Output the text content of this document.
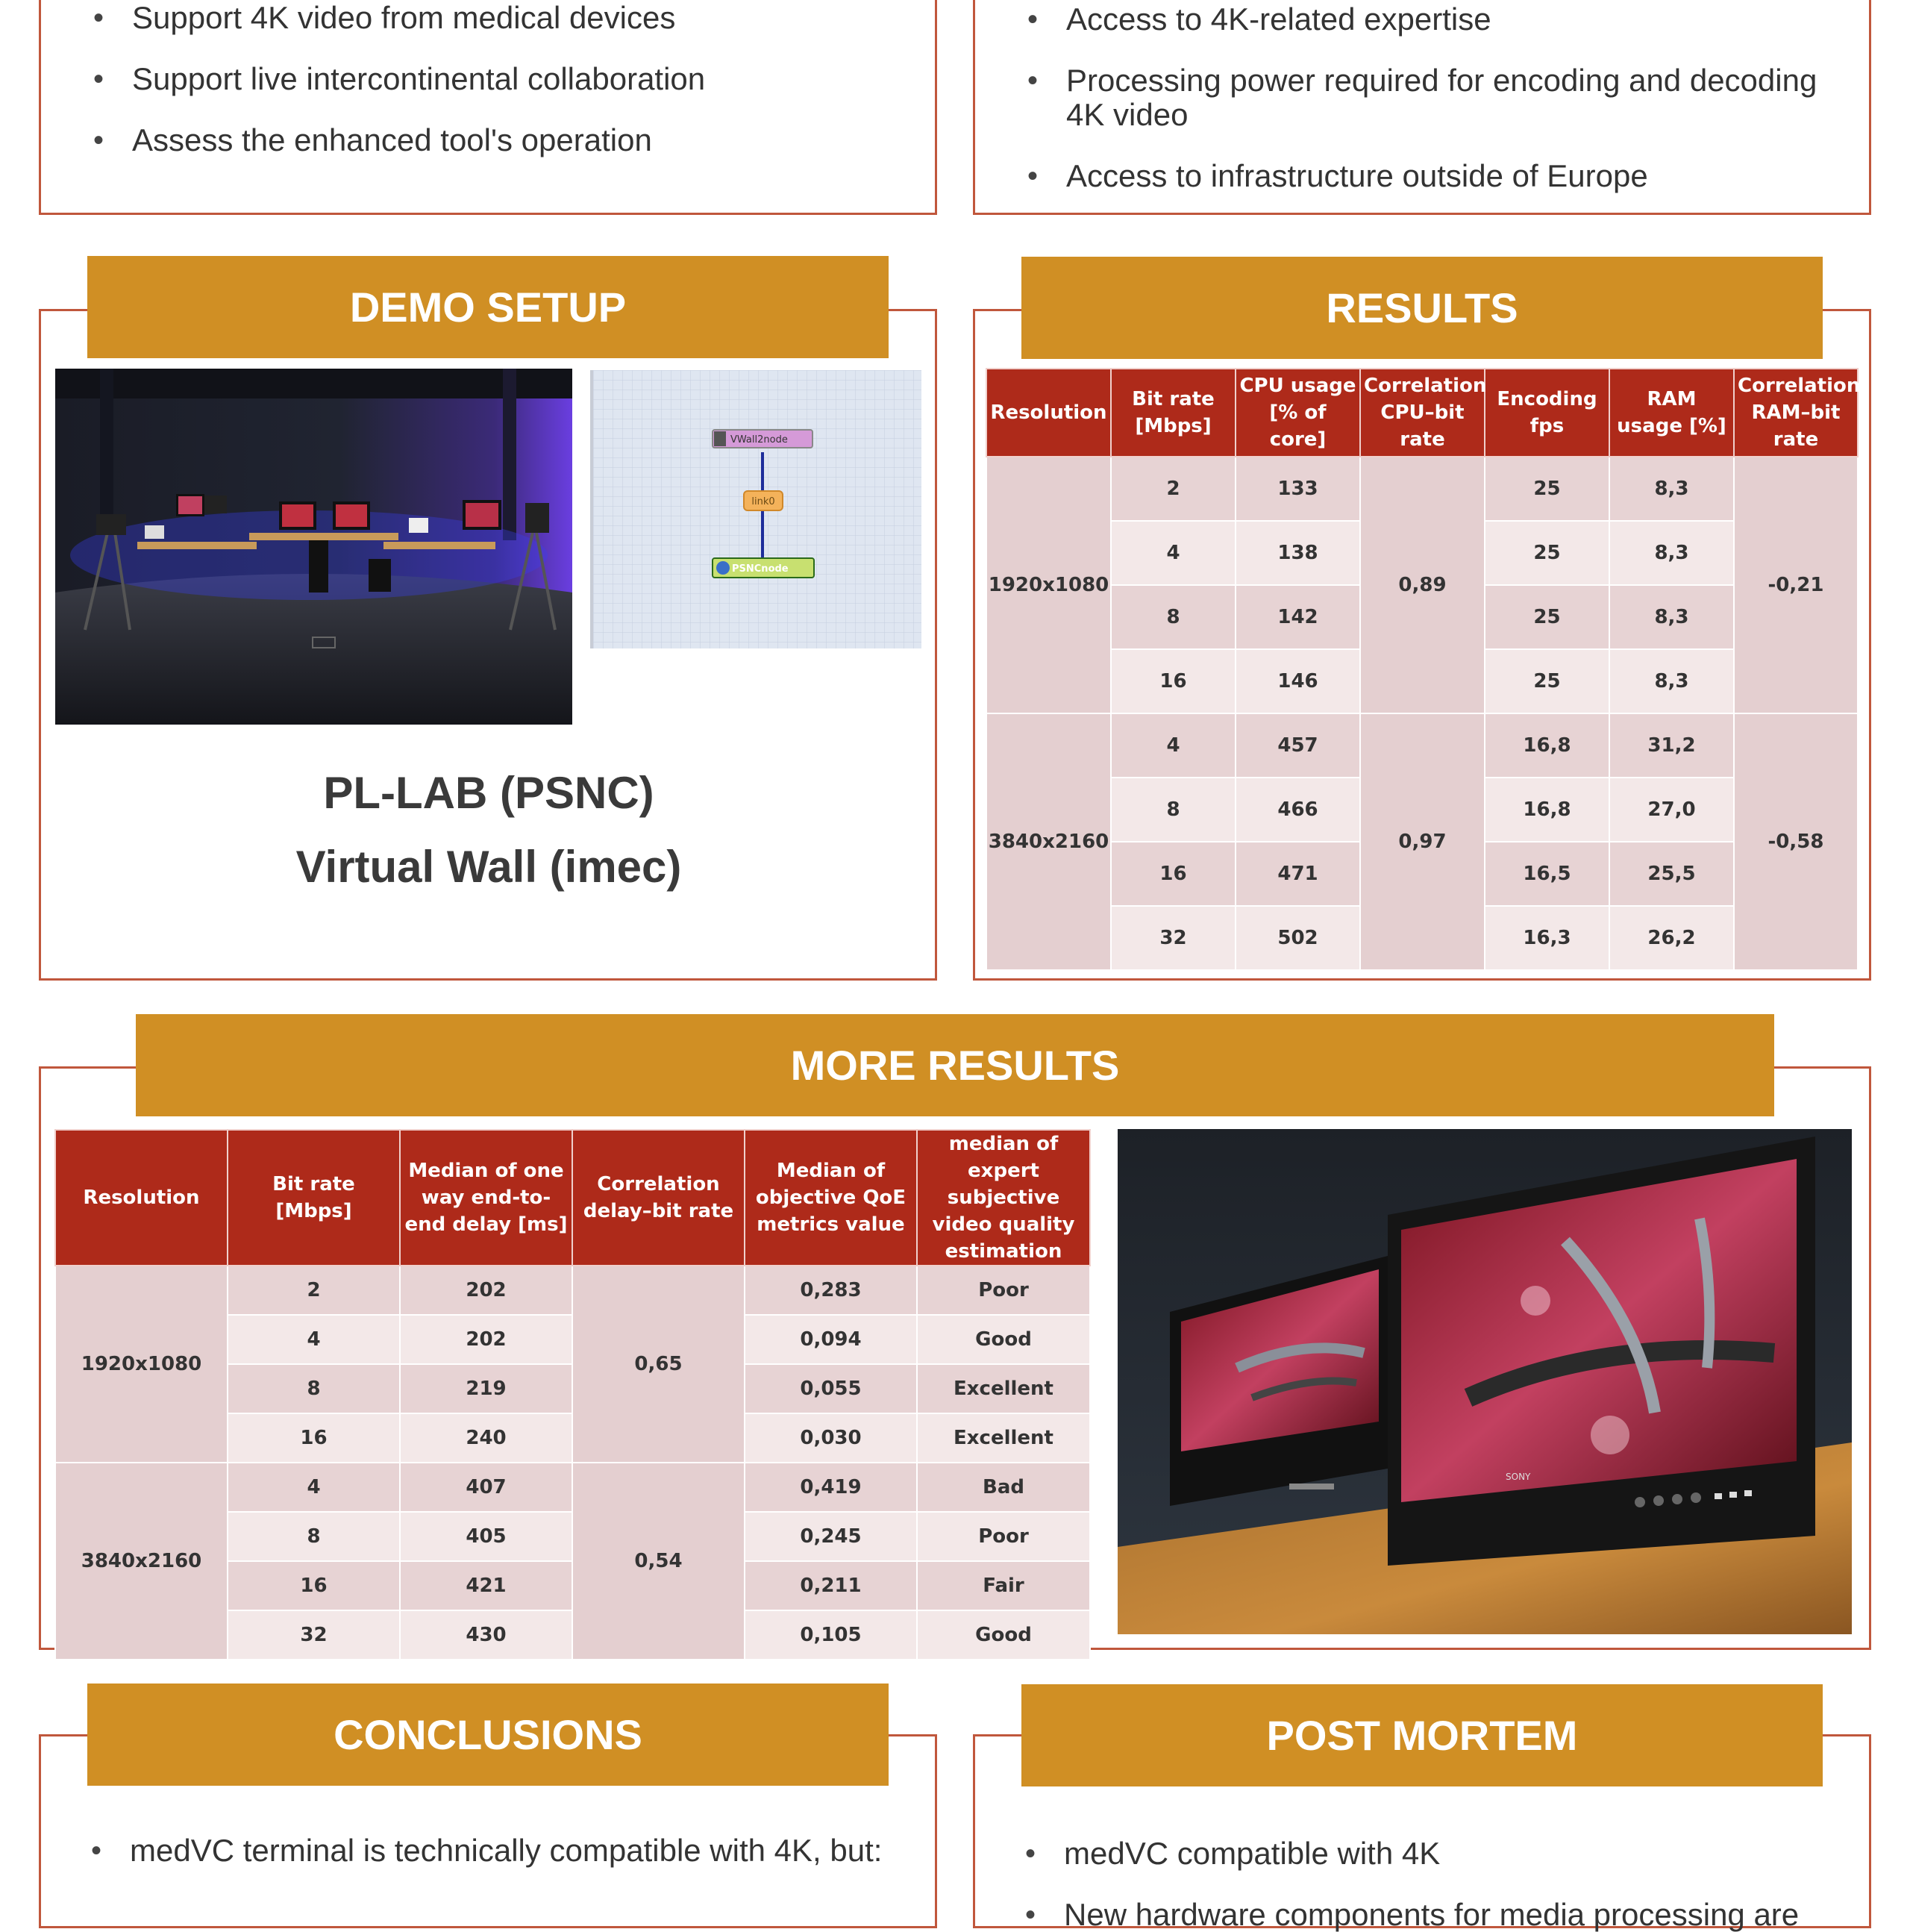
• Support 4K video from medical devices
• Support live intercontinental collaboration
• Assess the enhanced tool's operation
• Access to 4K-related expertise
• Processing power required for encoding and decoding 4K video
• Access to infrastructure outside of Europe
DEMO SETUP
VWall2node
link0
PSNCnode
PL-LAB (PSNC)
Virtual Wall (imec)
RESULTS
Resolution	Bit rate [Mbps]	CPU usage [% of core]	Correlation CPU–bit rate	Encoding fps	RAM usage [%]	Correlation RAM–bit rate
1920x1080	2	133	0,89	25	8,3	-0,21
	4	138		25	8,3	
	8	142		25	8,3	
	16	146		25	8,3	
3840x2160	4	457	0,97	16,8	31,2	-0,58
	8	466		16,8	27,0	
	16	471		16,5	25,5	
	32	502		16,3	26,2	
MORE RESULTS
Resolution	Bit rate [Mbps]	Median of one way end-to-end delay [ms]	Correlation delay–bit rate	Median of objective QoE metrics value	median of expert subjective video quality estimation
1920x1080	2	202	0,65	0,283	Poor
	4	202		0,094	Good
	8	219		0,055	Excellent
	16	240		0,030	Excellent
3840x2160	4	407	0,54	0,419	Bad
	8	405		0,245	Poor
	16	421		0,211	Fair
	32	430		0,105	Good
SONY
CONCLUSIONS
• medVC terminal is technically compatible with 4K, but:
POST MORTEM
• medVC compatible with 4K
• New hardware components for media processing are
